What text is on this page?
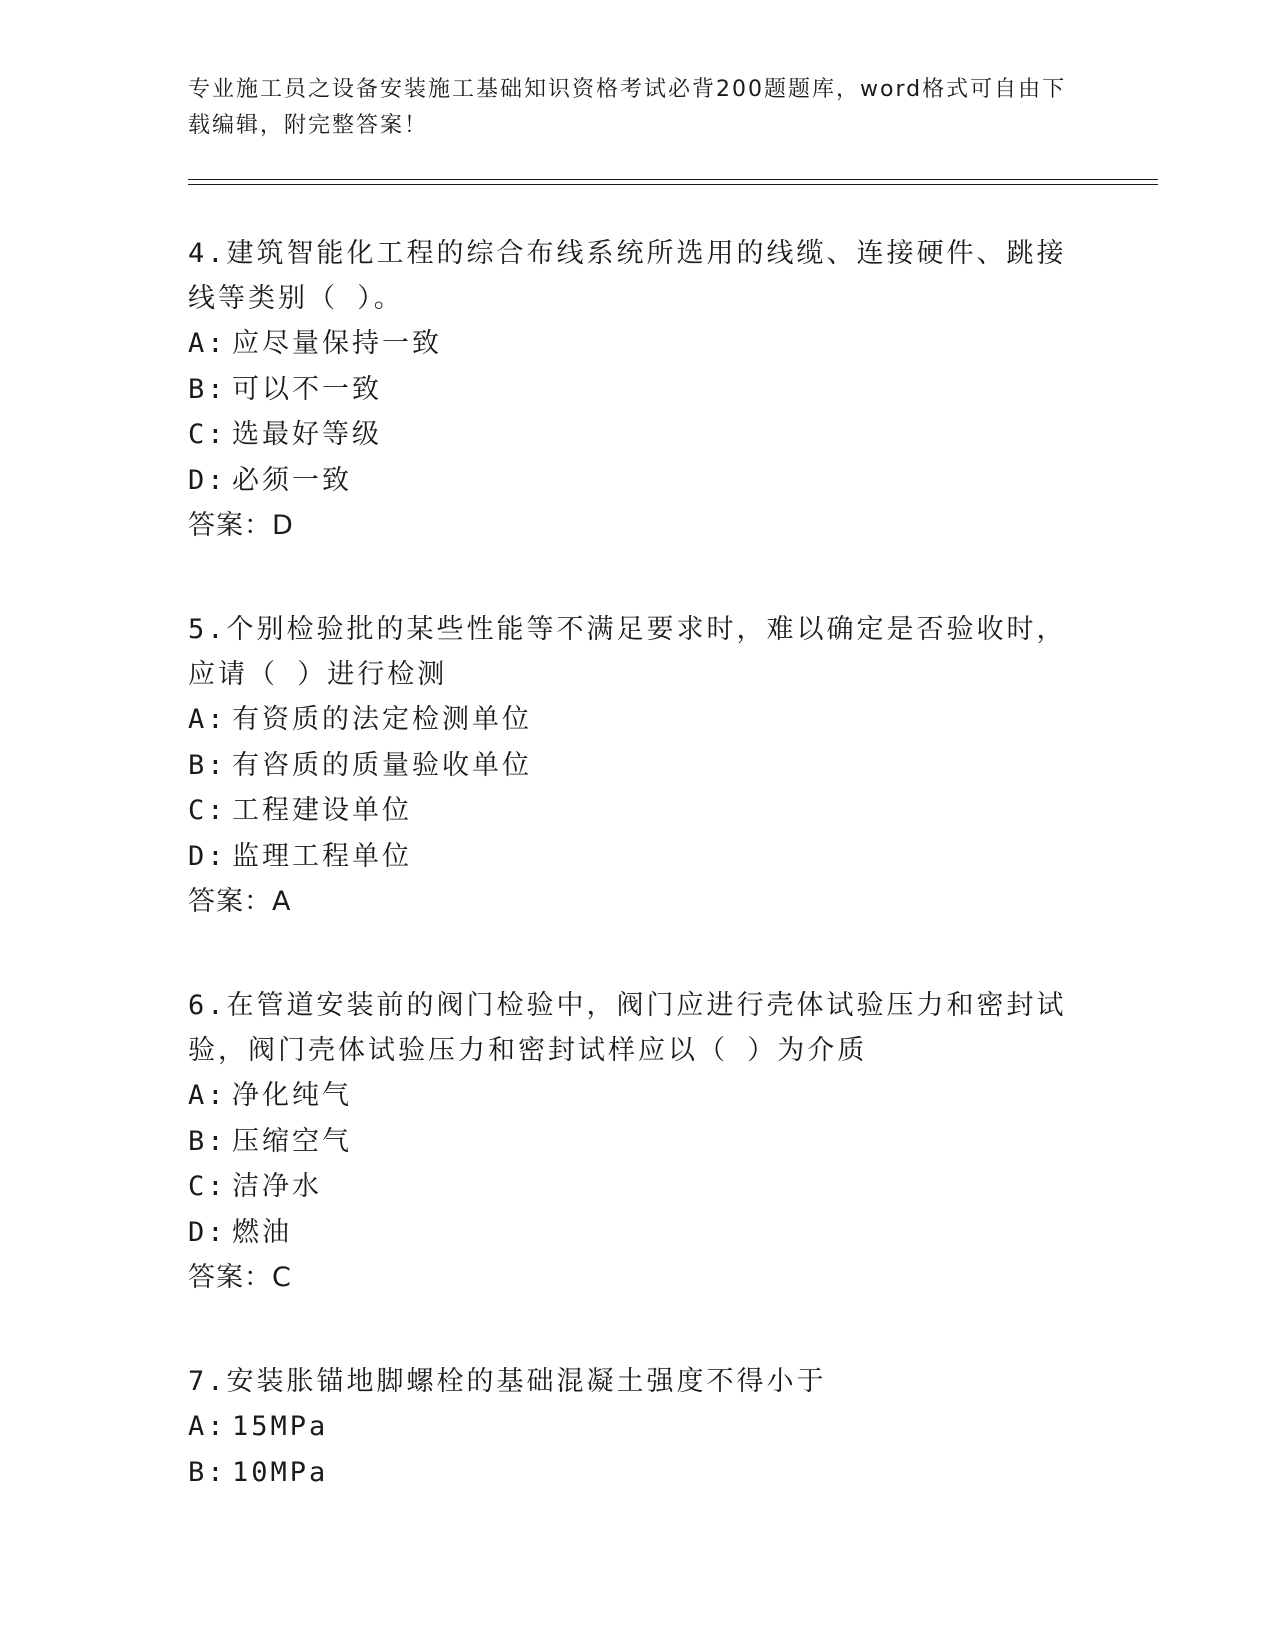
专业施工员之设备安装施工基础知识资格考试必背200题题库，word格式可自由下载编辑，附完整答案！

4.建筑智能化工程的综合布线系统所选用的线缆、连接硬件、跳接线等类别（ ）。

A: 应尽量保持一致

B: 可以不一致

C: 选最好等级

D: 必须一致

答案：D

5.个别检验批的某些性能等不满足要求时，难以确定是否验收时，应请（ ）进行检测

A: 有资质的法定检测单位

B: 有咨质的质量验收单位

C: 工程建设单位

D: 监理工程单位

答案：A

6.在管道安装前的阀门检验中，阀门应进行壳体试验压力和密封试验，阀门壳体试验压力和密封试样应以（ ）为介质

A: 净化纯气

B: 压缩空气

C: 洁净水

D: 燃油

答案：C

7.安装胀锚地脚螺栓的基础混凝土强度不得小于

A: 15MPa

B: 10MPa
